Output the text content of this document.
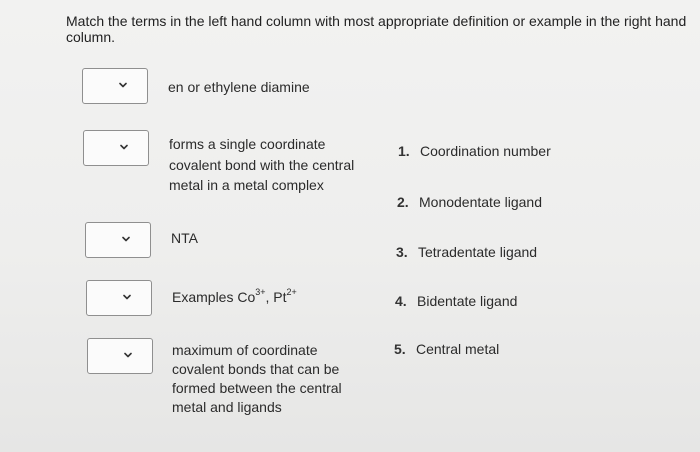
Match the terms in the left hand column with most appropriate definition or example in the right hand column.
en or ethylene diamine
forms a single coordinate covalent bond with the central metal in a metal complex
NTA
Examples $Co^{3+}$, $Pt^{2+}$
maximum of coordinate covalent bonds that can be formed between the central metal and ligands
1. Coordination number
2. Monodentate ligand
3. Tetradentate ligand
4. Bidentate ligand
5. Central metal
